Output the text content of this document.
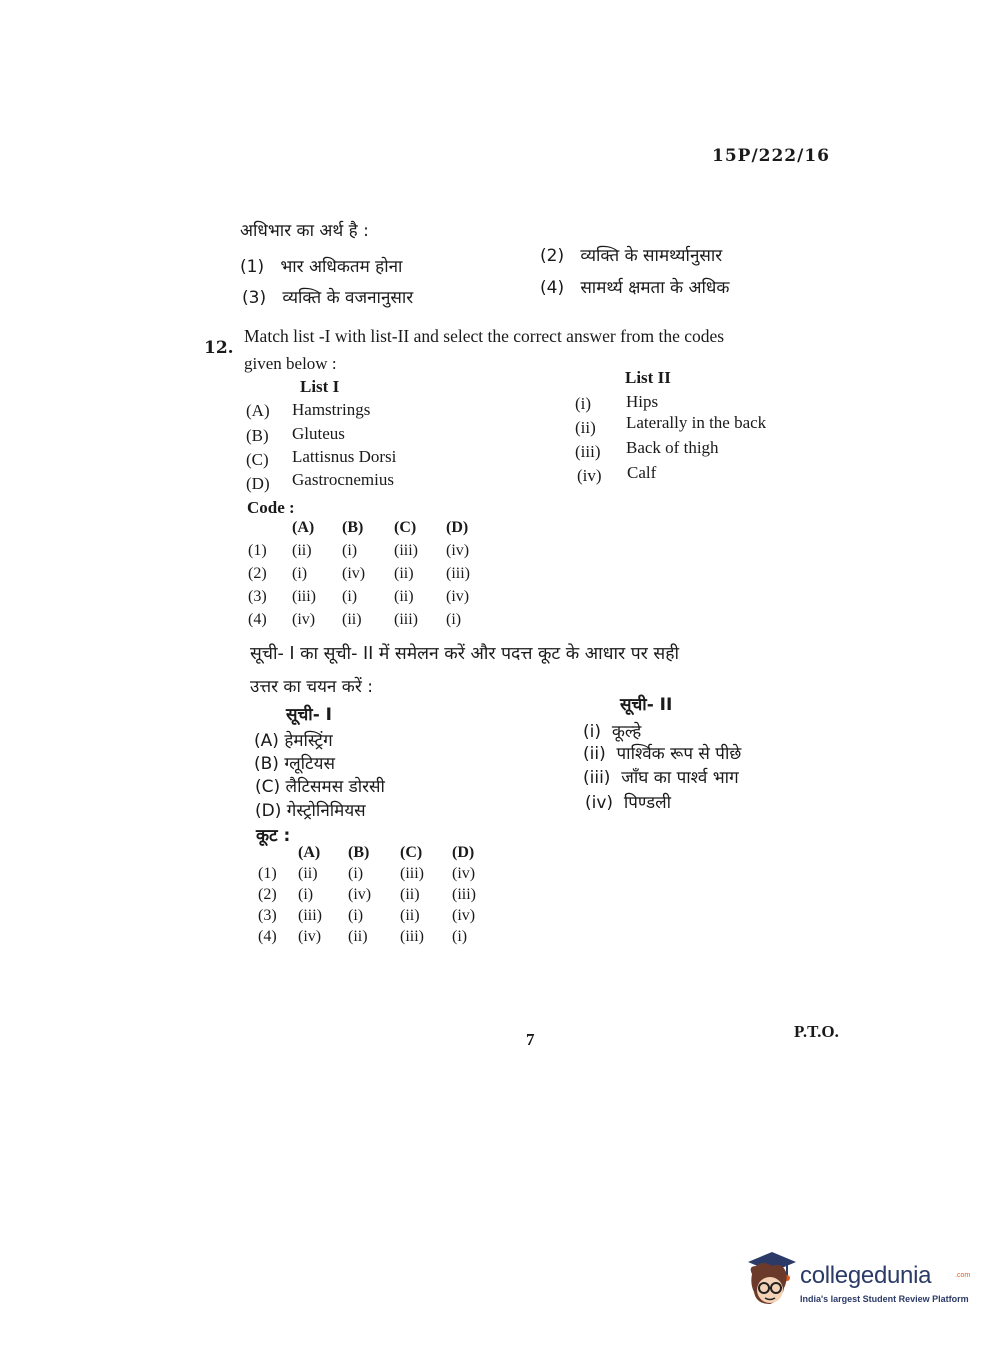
15P/222/16
अधिभार का अर्थ है :
(1) भार अधिकतम होना
(2) व्यक्ति के सामर्थ्यानुसार
(3) व्यक्ति के वजनानुसार	(4) सामर्थ्य क्षमता के अधिक
12.
Match list -I with list-II and select the correct answer from the codes
given below :
List I	List II
(A) Hamstrings
(B) Gluteus
(C) Lattisnus Dorsi
(D) Gastrocnemius
(i) Hips
(ii) Laterally in the back
(iii) Back of thigh
(iv) Calf
Code :
(A)	(B)	(C)	(D)
(1)	(ii)	(i)	(iii)	(iv)
(2)	(i)	(iv)	(ii)	(iii)
(3)	(iii)	(i)	(ii)	(iv)
(4)	(iv)	(ii)	(iii)	(i)
सूची- I का सूची- II में समेलन करें और पदत्त कूट के आधार पर सही
उत्तर का चयन करें :
सूची- I	सूची- II
(A) हेमस्ट्रिंग
(B) ग्लूटियस
(C) लैटिसमस डोरसी
(D) गेस्ट्रोनिमियस
(i) कूल्हे
(ii) पार्श्विक रूप से पीछे
(iii) जाँघ का पार्श्व भाग
(iv) पिण्डली
कूट :
(A)	(B)	(C)	(D)
(1)	(ii)	(i)	(iii)	(iv)
(2)	(i)	(iv)	(ii)	(iii)
(3)	(iii)	(i)	(ii)	(iv)
(4)	(iv)	(ii)	(iii)	(i)
7	P.T.O.
collegedunia	.com
India's largest Student Review Platform
